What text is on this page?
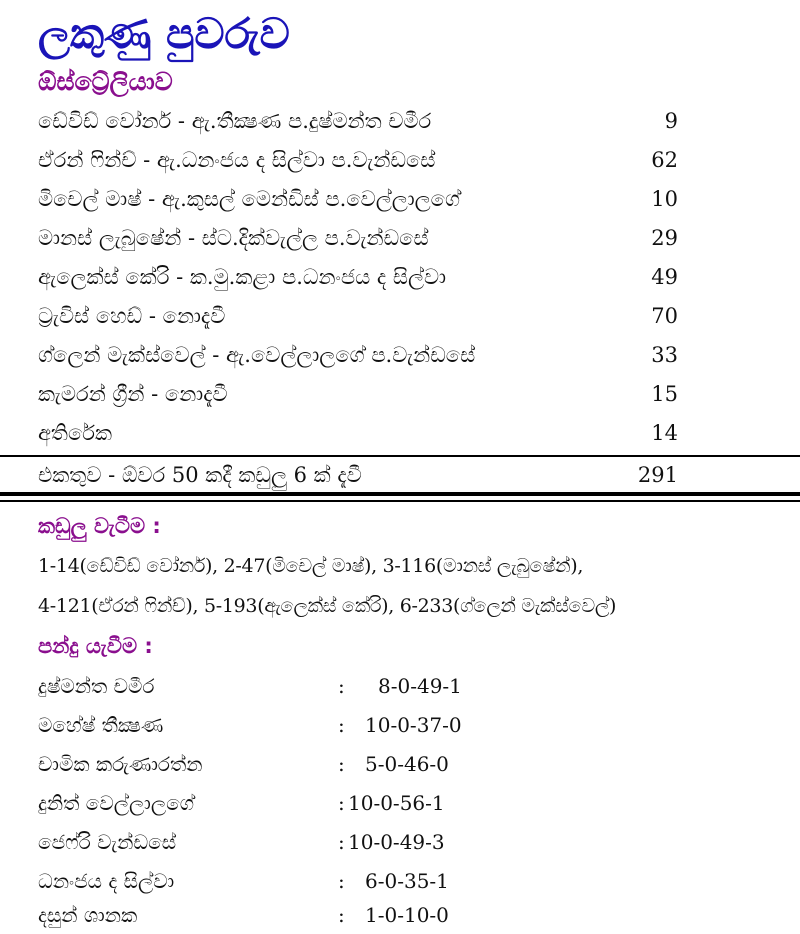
ලකුණු පුවරුව
ඕස්ට්‍රේලියාව
ඩේවිඩ් වෝනර් - ඇ.තීක්‍ෂණ ප.දුෂ්මන්ත චමීර	9
ඒරන් ෆින්ච් - ඇ.ධනංජය ද සිල්වා ප.වැන්ඩසේ	62
මිචෙල් මාෂ් - ඇ.කුසල් මෙන්ඩිස් ප.වෙල්ලාලගේ	10
මානස් ලැබුෂේන් - ස්ට.දික්වැල්ල ප.වැන්ඩසේ	29
ඇලෙක්ස් කේරි - ක.මු.කළා ප.ධනංජය ද සිල්වා	49
ට්‍රැවිස් හෙඩ් - නොදැවී	70
ග්ලෙන් මැක්ස්වෙල් - ඇ.වෙල්ලාලගේ ප.වැන්ඩසේ	33
කැමරන් ග්‍රීන් - නොදැවී	15
අතිරේක	14
එකතුව - ඕවර 50 කදී කඩුලු 6 ක් දැවී	291
කඩුලු වැටීම :
1-14(ඩේවිඩ් වෝනර්), 2-47(මිචෙල් මාෂ්), 3-116(මානස් ලැබුෂේන්),
4-121(ඒරන් ෆින්ච්), 5-193(ඇලෙක්ස් කේරි), 6-233(ග්ලෙන් මැක්ස්වෙල්)
පන්දු යැවීම :
දුෂ්මන්ත චමීර	: 8-0-49-1
මහේෂ් තීක්‍ෂණ	: 10-0-37-0
චාමික කරුණාරත්න	: 5-0-46-0
දුනිත් වෙල්ලාලගේ	: 10-0-56-1
ජෙෆ්රි වැන්ඩසේ	: 10-0-49-3
ධනංජය ද සිල්වා	: 6-0-35-1
දසුන් ශානක	: 1-0-10-0
